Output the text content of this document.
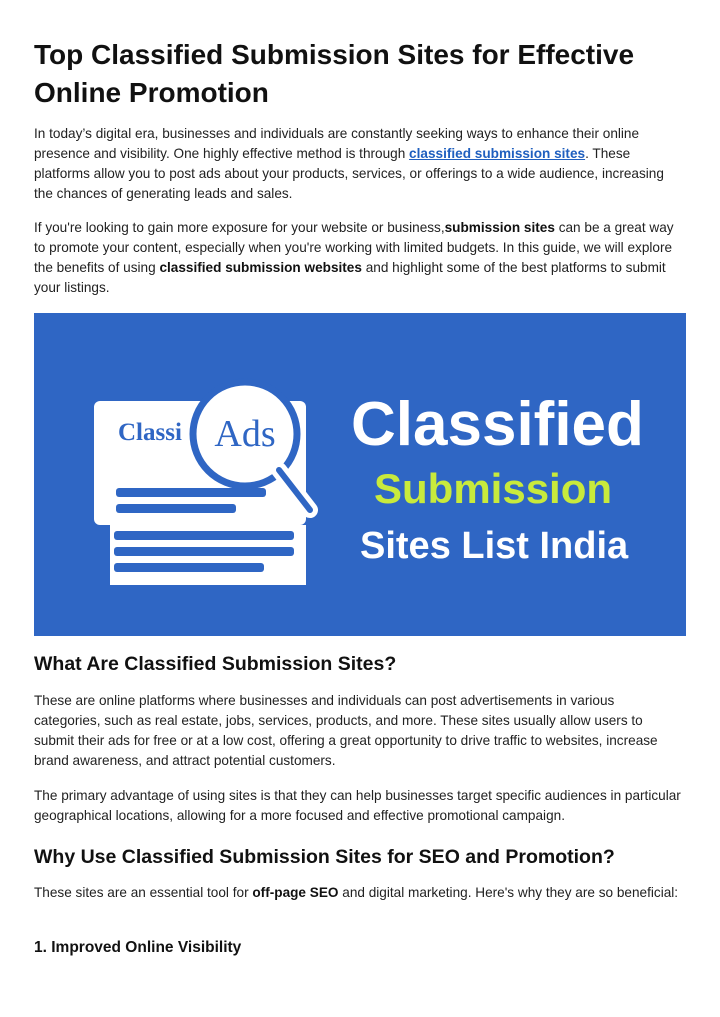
Top Classified Submission Sites for Effective Online Promotion

In today’s digital era, businesses and individuals are constantly seeking ways to enhance their online presence and visibility. One highly effective method is through classified submission sites. These platforms allow you to post ads about your products, services, or offerings to a wide audience, increasing the chances of generating leads and sales.

If you're looking to gain more exposure for your website or business,submission sites can be a great way to promote your content, especially when you're working with limited budgets. In this guide, we will explore the benefits of using classified submission websites and highlight some of the best platforms to submit your listings.

Classi Ads Classified
Submission
Sites List India
What Are Classified Submission Sites?

These are online platforms where businesses and individuals can post advertisements in various categories, such as real estate, jobs, services, products, and more. These sites usually allow users to submit their ads for free or at a low cost, offering a great opportunity to drive traffic to websites, increase brand awareness, and attract potential customers.

The primary advantage of using sites is that they can help businesses target specific audiences in particular geographical locations, allowing for a more focused and effective promotional campaign.

Why Use Classified Submission Sites for SEO and Promotion?

These sites are an essential tool for off-page SEO and digital marketing. Here's why they are so beneficial:

1. Improved Online Visibility
